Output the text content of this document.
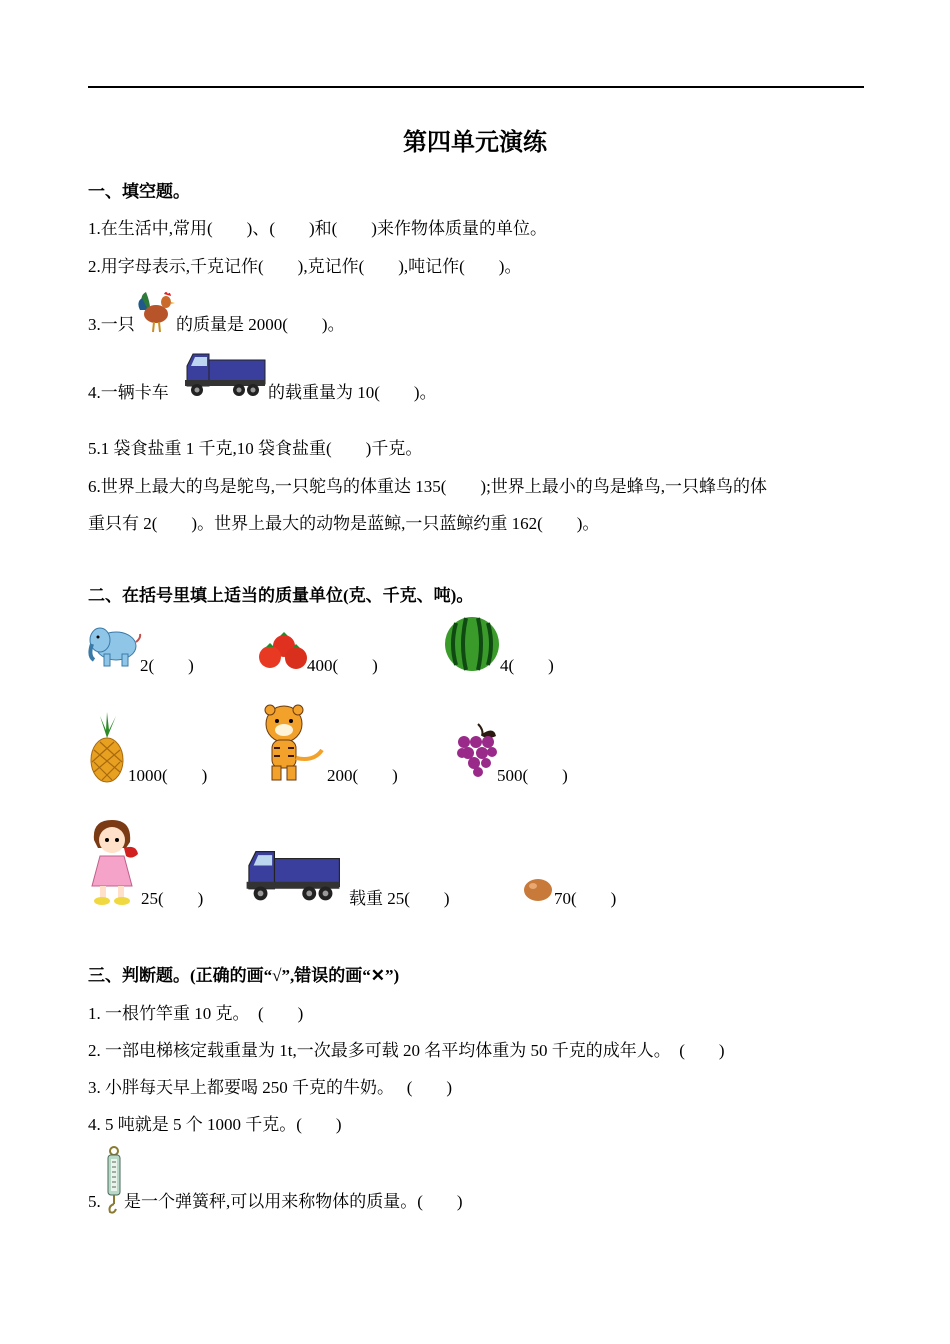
第四单元演练
一、填空题。
1.在生活中,常用(　　)、(　　)和(　　)来作物体质量的单位。
2.用字母表示,千克记作(　　),克记作(　　),吨记作(　　)。
3.一只 的质量是 2000(　　)。
4.一辆卡车	的载重量为 10(　　)。
5.1 袋食盐重 1 千克,10 袋食盐重(　　)千克。
6.世界上最大的鸟是鸵鸟,一只鸵鸟的体重达 135(　　);世界上最小的鸟是蜂鸟,一只蜂鸟的体
重只有 2(　　)。世界上最大的动物是蓝鲸,一只蓝鲸约重 162(　　)。
二、在括号里填上适当的质量单位(克、千克、吨)。
2(　　)	400(　　)	4(　　)
1000(　　)	200(　　)	500(　　)
25(　　)	载重 25(　　)	70(　　)
三、判断题。(正确的画“√”,错误的画“✕”)
1. 一根竹竿重 10 克。　(　　)
2. 一部电梯核定载重量为 1t,一次最多可载 20 名平均体重为 50 千克的成年人。　(　　)
3. 小胖每天早上都要喝 250 千克的牛奶。　 (　　)
4. 5 吨就是 5 个 1000 千克。(　　)
5. 是一个弹簧秤,可以用来称物体的质量。(　　)
